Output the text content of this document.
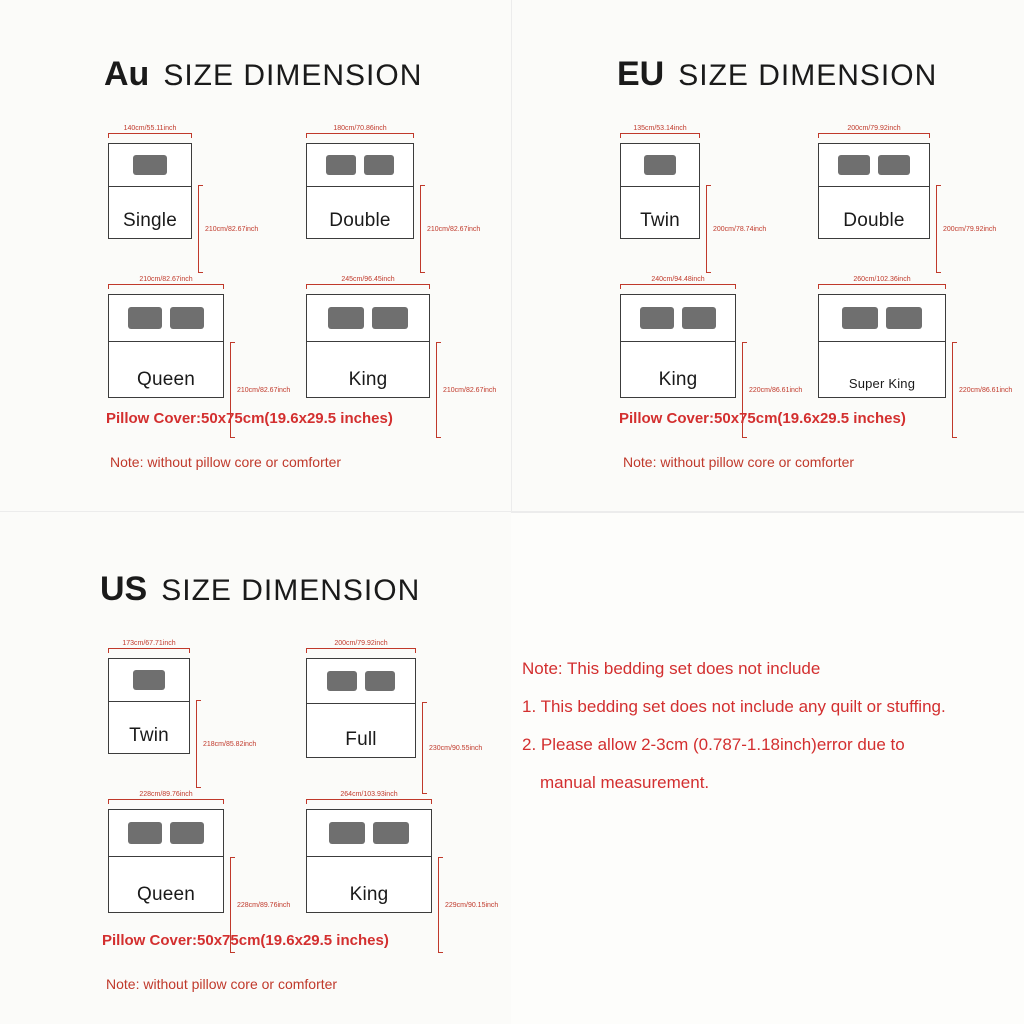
Au SIZE DIMENSION
140cm/55.11inch
Single	210cm/82.67inch
180cm/70.86inch
Double	210cm/82.67inch
210cm/82.67inch
Queen	210cm/82.67inch
245cm/96.45inch
King	210cm/82.67inch
Pillow Cover:50x75cm(19.6x29.5 inches)
Note: without pillow core or comforter
EU SIZE DIMENSION
135cm/53.14inch
Twin	200cm/78.74inch
200cm/79.92inch
Double	200cm/79.92inch
240cm/94.48inch
King	220cm/86.61inch
260cm/102.36inch
Super King	220cm/86.61inch
Pillow Cover:50x75cm(19.6x29.5 inches)
Note: without pillow core or comforter
US SIZE DIMENSION
173cm/67.71inch
Twin	218cm/85.82inch
200cm/79.92inch
Full	230cm/90.55inch
228cm/89.76inch
Queen	228cm/89.76inch
264cm/103.93inch
King	229cm/90.15inch
Pillow Cover:50x75cm(19.6x29.5 inches)
Note: without pillow core or comforter
Note: This bedding set does not include
1. This bedding set does not include any quilt or stuffing.
2. Please allow 2-3cm (0.787-1.18inch)error due to
manual measurement.
